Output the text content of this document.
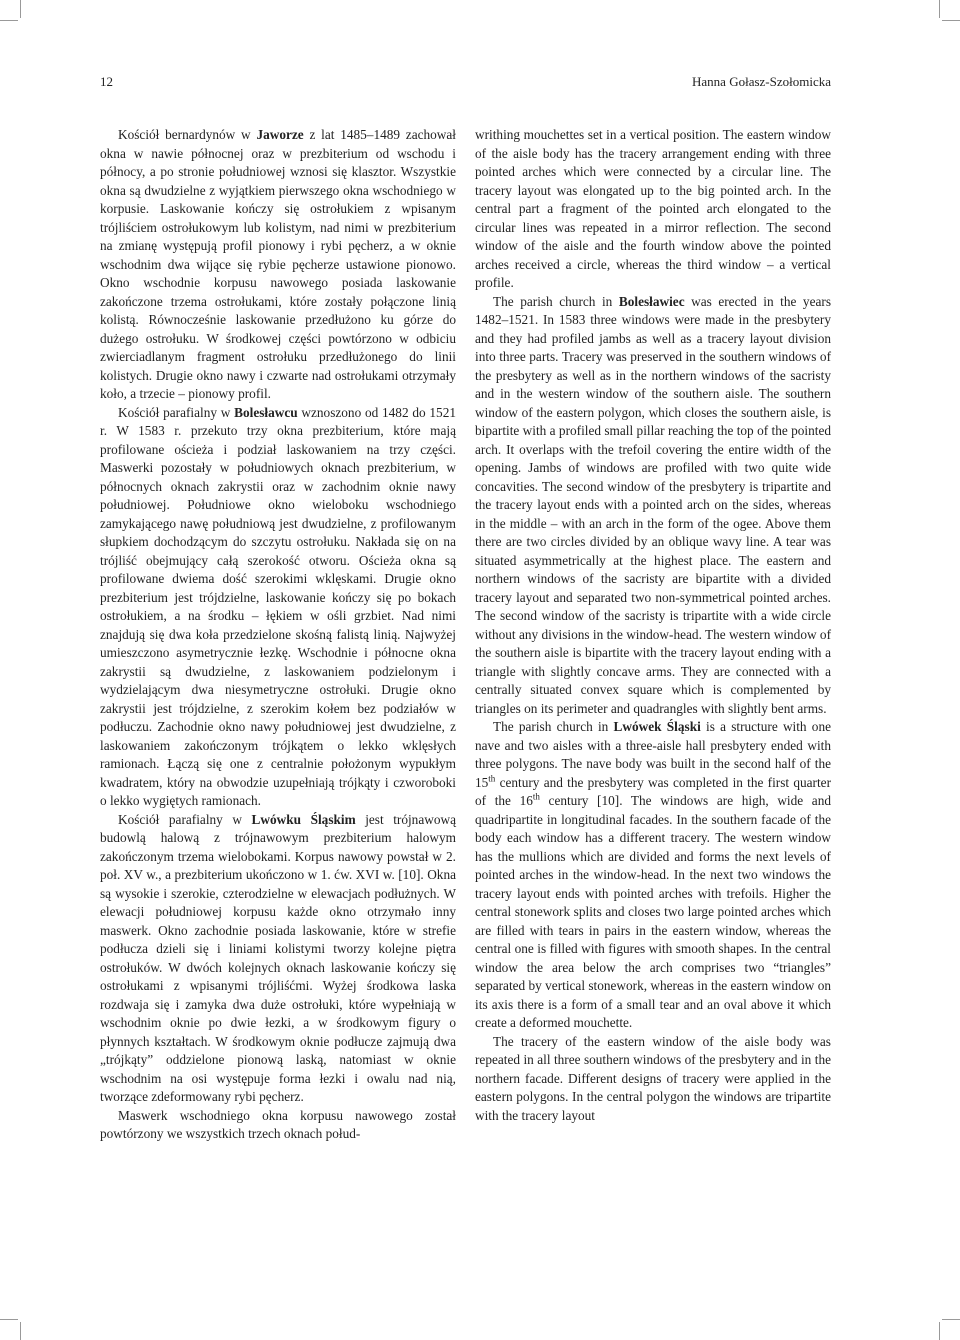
12	Hanna Gołasz-Szołomicka

Kościół bernardynów w Jaworze z lat 1485–1489 zachował okna w nawie północnej oraz w prezbiterium od wschodu i północy, a po stronie południowej wznosi się klasztor. Wszystkie okna są dwudzielne z wyjątkiem pierwszego okna wschodniego w korpusie. Laskowanie kończy się ostrołukiem z wpisanym trójliściem ostrołukowym lub kolistym, nad nimi w prezbiterium na zmianę występują profil pionowy i rybi pęcherz, a w oknie wschodnim dwa wijące się rybie pęcherze ustawione pionowo. Okno wschodnie korpusu nawowego posiada laskowanie zakończone trzema ostrołukami, które zostały połączone linią kolistą. Równocześnie laskowanie przedłużono ku górze do dużego ostrołuku. W środkowej części powtórzono w odbiciu zwierciadlanym fragment ostrołuku przedłużonego do linii kolistych. Drugie okno nawy i czwarte nad ostrołukami otrzymały koło, a trzecie – pionowy profil.

Kościół parafialny w Bolesławcu wznoszono od 1482 do 1521 r. W 1583 r. przekuto trzy okna prezbiterium, które mają profilowane ościeża i podział laskowaniem na trzy części. Maswerki pozostały w południowych oknach prezbiterium, w północnych oknach zakrystii oraz w zachodnim oknie nawy południowej. Południowe okno wieloboku wschodniego zamykającego nawę południową jest dwudzielne, z profilowanym słupkiem dochodzącym do szczytu ostrołuku. Nakłada się on na trójliść obejmujący całą szerokość otworu. Ościeża okna są profilowane dwiema dość szerokimi wklęskami. Drugie okno prezbiterium jest trójdzielne, laskowanie kończy się po bokach ostrołukiem, a na środku – łękiem w ośli grzbiet. Nad nimi znajdują się dwa koła przedzielone skośną falistą linią. Najwyżej umieszczono asymetrycznie łezkę. Wschodnie i północne okna zakrystii są dwudzielne, z laskowaniem podzielonym i wydzielającym dwa niesymetryczne ostrołuki. Drugie okno zakrystii jest trójdzielne, z szerokim kołem bez podziałów w podłuczu. Zachodnie okno nawy południowej jest dwudzielne, z laskowaniem zakończonym trójkątem o lekko wklęsłych ramionach. Łączą się one z centralnie położonym wypukłym kwadratem, który na obwodzie uzupełniają trójkąty i czworoboki o lekko wygiętych ramionach.

Kościół parafialny w Lwówku Śląskim jest trójnawową budowlą halową z trójnawowym prezbiterium halowym zakończonym trzema wielobokami. Korpus nawowy powstał w 2. poł. XV w., a prezbiterium ukończono w 1. ćw. XVI w. [10]. Okna są wysokie i szerokie, czterodzielne w elewacjach podłużnych. W elewacji południowej korpusu każde okno otrzymało inny maswerk. Okno zachodnie posiada laskowanie, które w strefie podłucza dzieli się i liniami kolistymi tworzy kolejne piętra ostrołuków. W dwóch kolejnych oknach laskowanie kończy się ostrołukami z wpisanymi trójliśćmi. Wyżej środkowa laska rozdwaja się i zamyka dwa duże ostrołuki, które wypełniają w wschodnim oknie po dwie łezki, a w środkowym figury o płynnych kształtach. W środkowym oknie podłucze zajmują dwa „trójkąty” oddzielone pionową laską, natomiast w oknie wschodnim na osi występuje forma łezki i owalu nad nią, tworzące zdeformowany rybi pęcherz.

Maswerk wschodniego okna korpusu nawowego został powtórzony we wszystkich trzech oknach połud-

writhing mouchettes set in a vertical position. The eastern window of the aisle body has the tracery arrangement ending with three pointed arches which were connected by a circular line. The tracery layout was elongated up to the big pointed arch. In the central part a fragment of the pointed arch elongated to the circular lines was repeated in a mirror reflection. The second window of the aisle and the fourth window above the pointed arches received a circle, whereas the third window – a vertical profile.

The parish church in Bolesławiec was erected in the years 1482–1521. In 1583 three windows were made in the presbytery and they had profiled jambs as well as a tracery layout division into three parts. Tracery was preserved in the southern windows of the presbytery as well as in the northern windows of the sacristy and in the western window of the southern aisle. The southern window of the eastern polygon, which closes the southern aisle, is bipartite with a profiled small pillar reaching the top of the pointed arch. It overlaps with the trefoil covering the entire width of the opening. Jambs of windows are profiled with two quite wide concavities. The second window of the presbytery is tripartite and the tracery layout ends with a pointed arch on the sides, whereas in the middle – with an arch in the form of the ogee. Above them there are two circles divided by an oblique wavy line. A tear was situated asymmetrically at the highest place. The eastern and northern windows of the sacristy are bipartite with a divided tracery layout and separated two non-symmetrical pointed arches. The second window of the sacristy is tripartite with a wide circle without any divisions in the window-head. The western window of the southern aisle is bipartite with the tracery layout ending with a triangle with slightly concave arms. They are connected with a centrally situated convex square which is complemented by triangles on its perimeter and quadrangles with slightly bent arms.

The parish church in Lwówek Śląski is a structure with one nave and two aisles with a three-aisle hall presbytery ended with three polygons. The nave body was built in the second half of the 15th century and the presbytery was completed in the first quarter of the 16th century [10]. The windows are high, wide and quadripartite in longitudinal facades. In the southern facade of the body each window has a different tracery. The western window has the mullions which are divided and forms the next levels of pointed arches in the window-head. In the next two windows the tracery layout ends with pointed arches with trefoils. Higher the central stonework splits and closes two large pointed arches which are filled with tears in pairs in the eastern window, whereas the central one is filled with figures with smooth shapes. In the central window the area below the arch comprises two “triangles” separated by vertical stonework, whereas in the eastern window on its axis there is a form of a small tear and an oval above it which create a deformed mouchette.

The tracery of the eastern window of the aisle body was repeated in all three southern windows of the presbytery and in the northern facade. Different designs of tracery were applied in the eastern polygons. In the central polygon the windows are tripartite with the tracery layout
